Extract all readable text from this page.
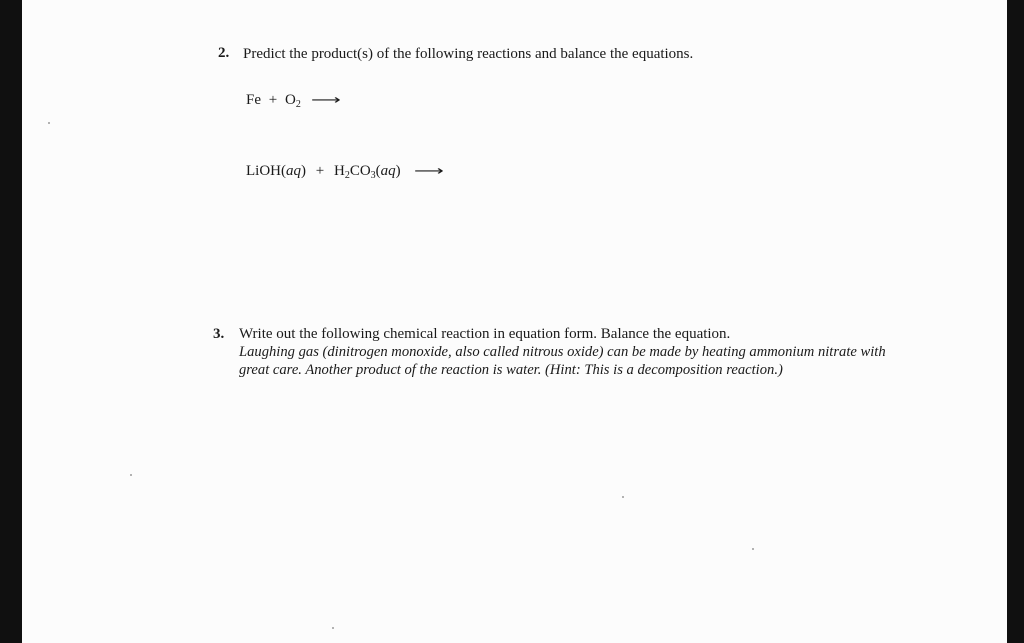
2. Predict the product(s) of the following reactions and balance the equations.
$Fe + O_2$ ⟶
LiOH(aq) + $H_2CO_3(aq)$ ⟶
3. Write out the following chemical reaction in equation form. Balance the equation.
Laughing gas (dinitrogen monoxide, also called nitrous oxide) can be made by heating ammonium nitrate with
great care. Another product of the reaction is water. (Hint: This is a decomposition reaction.)
